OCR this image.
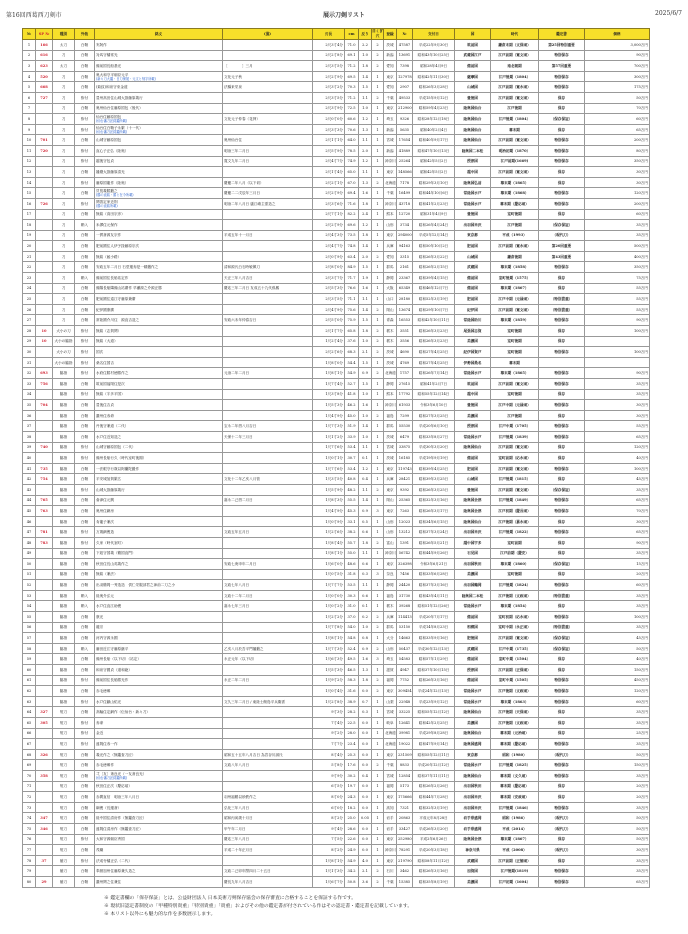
第16回西葛西刀剣市	展示刀剣リスト	2025/6/7
№	SP №	種別	外装	銘文	(裏)	刃長	cm	反り	目くぎ穴	登録	№	交付日	国	時代	鑑定書	価格
1	166	太刀	白鞘	実阿作		2尺3寸4分	71.0	2.2	2	茨城	47587	平成22年9月30日	筑前国	鎌倉末期（文保頃）	第25回特別重要	3,000万円
2	616	刀	白鞘	対馬守橘常光		2尺2寸8分	69.1	1.0	2	新潟	13691	昭和43年10月25日	武蔵国江戸	江戸前期（寛文頃）	特別保存	90万円
3	623	太刀	白鞘	備前国長船基光	［　　　　］三月	2尺3寸5分	71.2	1.8	2	愛知	7398	昭和28年4月9日	備前国	南北朝期	第57回重要	700万円
4	520	刀	白鞘	奥大和守平朝臣元平
(新々刀大鑑・日刀保展・元文と刻字所載)	文化元子秋	2尺2寸9分	69.5	1.4	1	東京	127978	昭和42年11月30日	薩摩国	江戸後期（1804）	特別保存	300万円
5	668	刀	白鞘	(菊紋)和泉守来金道	法橋来栄泉	2尺3寸2分	70.3	1.5	1	愛知	2907	昭和26年3月28日	山城国	江戸前期（寛永頃）	特別保存	175万円
6	727	刀	拵付	豊州高田住山城大掾藤原義行		2尺3寸5分	71.2	1.1	2	千葉	49533	平成15年9月12日	豊後国	江戸前期（寛文頃）	保存	50万円
7		刀	白鞘	奥州仙台住藤原国包（後代）		2尺3寸9分	72.5	1.0	1	東京	212900	昭和59年4月23日	陸奥国仙台	江戸後期	保存	70万円
8		刀	拵付	仙台住藤原国包
(仙台藩刀匠銘鑑所載)	文化元子仲春（花押）	2尺0寸0分	60.6	1.2	1	埼玉	9326	昭和28年12月18日	陸奥国仙台	江戸後期（1804）	（保存保証）	60万円
9		刀	拵付	仙台住白鞘子永繁（十一代）
(仙台藩刀匠銘鑑所載)		2尺3寸3分	70.6	1.3	1	新潟	5635	昭和40年2月4日	陸奥国仙台	幕末期	保存	65万円
10	701	刀	白鞘	山城守藤原国包	奥州仙台住	2尺1寸1分	64.0	1.1	1	宮城	17654	昭和40年9月17日	陸奥国仙台	江戸前期（寛文頃）	特別保存	200万円
11	720	刀	拵付	直心子正弘（陸奥）	明治三年二月日	2尺5寸9分	78.5	2.0	1	新潟	41889	昭和47年10月13日	陸奥国二本松	明治初期（1870）	特別保存	80万円
12		刀	拵付	越後守包貞	寛文九年二月日	2尺4寸7分	74.9	1.2	1	神奈川	25264	昭和42年5月2日	摂津国	江戸前期(1669)	特別保存	350万円
13		刀	白鞘	播磨大掾藤原清光		2尺1寸4分	65.0	1.1	1	東京	148566	昭和42年5月2日	越中国	江戸前期（寛文頃）	保存	30万円
14		刀	拵付	藤原国龍作（陸奥）	慶應二年八月（以下切）	2尺2寸1分	67.0	1.3	2	北海道	7178	昭和29年3月10日	陸奥国弘前	幕末期（1865）	保存	30万円
15		刀	白鞘	貝笈義勝鍛之
(勝の直銘・勝と在今所載)	慶應二二戊辰年三月日	2尺2寸9分	69.4	1.6	1	千葉	16499	昭和44年10月6日	常陸国水戸	幕末期（1868）	特別保存	120万円
16	726	刀	拵付	関善定家近則
(勝の直銘所載)	明治二年八月日 盧江嶋主需造之	2尺3寸6分	71.6	1.8	1	神奈川	43718	昭和41年2月23日	常陸国水戸	幕末期（慶応頃）	特別保存	200万円
17		刀	白鞘	無銘（高田宗彦）		2尺7寸1分	82.2	2.4	1	熊本	12720	昭和31年4月9日	豊後国	室町後期	保存	60万円
18		刀	鞘入	米澤住元保作		2尺2寸9分	69.6	1.2	1	山形	3734	昭和26年4月24日	出羽国米沢	江戸後期	（保存保証）	35万円
19		刀	白鞘	一貫斎源友宗作	平成五年十一月日	2尺4寸3分	73.5	1.8	1	東京	294000	平成5年12月14日	東京都	平成（1993）	（現代刀）	35万円
20		刀	白鞘	肥前國住人伊予掾藤原宗次		2尺4寸7分	74.8	1.4	1	兵庫	94163	昭和50年10月2日	肥前国	江戸前期（寛永頃）	第20回重要	500万円
21		刀	白鞘	無銘（綾小路）		2尺0寸9分	63.4	2.0	2	愛知	3315	昭和26年3月22日	山城国	鎌倉後期	第43回重要	400万円
22		刀	白鞘	安政五年二月日 石堂運寿是一精鍛作之	清和源氏白石時敏佩刀	2尺8寸0分	84.9	1.5	1	群馬	2161	昭和26年2月15日	武蔵国	幕末期（1858）	特別保存	350万円
23		刀	鞘入	備前国住長船祐定作	天正三年八月吉日	2尺3寸7分	71.7	1.9	1	静岡	23367	昭和39年4月15日	備前国	室町後期（1575）	保存	75万円
24		刀	白鞘	備陽長船隣備山祐廣作 早瀬源之介源正勝	慶応三年二月日 友成五十九代孫鳳	2尺5寸3分	76.6	1.6	1	大阪	65349	昭和46年12月7日	備前国	幕末期（1867）	保存	55万円
25		刀	白鞘	肥前國住遠江守藤原兼廣		2尺3寸5分	71.1	1.1	1	山口	28180	昭和52年3月19日	肥前国	江戸中期（元禄頃）	（特別貴重）	55万円
26		刀	白鞘	紀伊國康廣		2尺4寸9分	75.6	1.4	2	岡山	13674	昭和29年10月7日	紀伊国	江戸前期（寛文頃）	（特別貴重）	55万円
27		刀	白鞘	常陸國介川住　源直吉造之	安政六未年仲春吉日	2尺5寸0分	75.9	1.5	1	青森	16553	昭和42年10月11日	常陸国助川	幕末期（1859）	特別保存	90万円
28	10	大小の刀	拵付	無銘（志賀関）		2尺1寸7分	65.8	1.8	2	栃木	3551	昭和26年3月23日	尾張国志賀	室町後期	保存	100万円
29	10	大小の脇指	拵付	無銘（大道）		1尺2寸4分	37.6	1.0	2	栃木	3556	昭和26年3月23日	美濃国	室町後期	保存	
30		大小の刀	拵付	国次		2尺2寸6分	68.3	2.1	2	茨城	4690	昭和27年4月25日	紀伊国賀戸	室町後期	特別保存	100万円
31		大小の脇指	拵付	桑名住国吉		1尺8寸0分	54.4	1.5	1	茨城	4769	昭和27年4月25日	伊勢国桑名	幕末期		
32	693	脇指	拵付	水府住勝村徳勝作之	元治二年二月日	1尺8寸1分	54.9	0.9	2	北海道	1757	昭和26年7月14日	常陸国水戸	幕末期（1865）	特別保存	90万円
33	756	脇指	白鞘	筑前国福岡住是次		1尺7寸4分	52.7	1.5	1	静岡	27615	昭和41年2月7日	筑前国	江戸前期（寛文頃）	特別保存	35万円
34		脇指	拵付	無銘（宇多平国）		1尺3寸8分	41.8	1.0	1	熊本	17792	昭和55年12月14日	越中国	室町後期	保存	35万円
35	704	脇指	白鞘	豊後住吉貞		1尺5寸3分	46.2	1.6	1	神奈川	61933	令和3年6月10日	豊後国	江戸中期（元禄頃）	特別保存	30万円
36		脇指	白鞘	濃州住寿命		1尺4寸9分	45.0	1.0	2	福島	7299	昭和27年3月25日	美濃国	江戸後期	保存	30万円
37		脇指	白鞘	丹後守兼道（二代）	宝永二年酉八月吉日	1尺7寸3分	51.9	1.4	1	群馬	55530	平成20年6月10日	摂津国	江戸中期（1705）	特別保存	55万円
38		脇指	白鞘	水戸住近知造之	天保十二年三月日	1尺1寸2分	33.9	1.0	1	茨城	6479	昭和33年8月27日	常陸国水戸	江戸後期（1839）	特別保存	65万円
39	740	脇指	拵付	山城守藤原国包（二代）		1尺7寸6分	53.4	1.1	1	宮城	33875	平成30年3月20日	陸奥国仙台	江戸前期（寛文頃）	保存	120万円
40		脇指	拵付	備州長船行久（時代室町後期）		1尺0寸1分	30.7	0.1	1	茨城	16185	平成19年9月19日	備前国	室町前期（応永頃）	保存	40万円
41	735	脇指	白鞘	一法眼守行歳以阿蘭陀鍛作		1尺7寸6分	53.4	1.2	1	東京	119743	昭和39年4月25日	肥前国	江戸前期（寛文頃）	特別保存	100万円
42	754	脇指	白鞘	平安城加賀繁広	文化十二年乙亥八月管	1尺3寸5分	40.8	0.4	1	兵庫	28421	昭和39年3月25日	山城国	江戸後期（1815）	保存	45万円
43		脇指	拵付	山城大掾藤原義行		1尺5寸9分	48.2	1.1	2	東京	9392	昭和26年3月25日	豊後国	江戸前期（寛文頃）	（保存保証）	35万円
44	765	脇指	白鞘	會津住元興	嘉永二己酉二月日	1尺8寸3分	55.5	1.4	1	岡山	25365	昭和32年3月16日	陸奥国会津	江戸後期（1849）	特別保存	65万円
45	763	脇指	白鞘	奥州住網房		1尺4寸9分	45.3	0.9	3	東京	7263	昭和26年3月17日	陸奥国会津	江戸初期（慶長頃）	特別保存	70万円
46		脇指	白鞘	肯龍子兼次		1尺0寸9分	33.1	0.5	1	山形	12023	昭和34年6月15日	陸奥国仙台	江戸後期（嘉永頃）	保存	30万円
47	781	脇指	拵付	万歳網俊造	文政五年五月日	1尺2寸6分	38.2	0.6	1	山形	13212	昭和37年3月24日	出羽国米沢	江戸後期（1822）	特別保存	65万円
48	783	脇指	拵付	久家（時代室町）		1尺8寸4分	55.7	1.8	2	富山	1391	昭和26年5月21日	越中国宇多	室町前期	保存	90万円
49		脇指	白鞘	下総守国義（鶴国直門）		1尺8寸1分	55.0	1.1	1	神奈川	56742	昭和44年9月26日	石見国	江戸前期（慶安）	保存	35万円
50		脇指	白鞘	秋田住長山英義作之	安政七庚申年二月日	1尺6寸0分	48.6	0.6	1	東京	326398	令和3年6月21日	出羽国秋田	幕末期（1860）	（保存保証）	15万円
51		脇指	白鞘	無銘（兼法）		1尺0寸5分	31.8	0.3	3	奈良	7456	昭和33年6月28日	美濃国	室町後期	保存	20万円
52		脇指	白鞘	出羽鶴岡一秀造造　供仁栄服部君之神前二刀之小	文政七年八月日	1尺7寸7分	53.5	1.1	1	静岡	24420	昭和37年3月16日	出羽国鶴岡	江戸後期（1824）	特別保存	60万円
53		脇指	鞘入	陸奥介弘元	文政十二年二月日	1尺0寸0分	30.3	0.6	1	福島	31730	昭和43年4月11日	陸奥国二本松	江戸後期（文政頃）	（特別貴重）	35万円
54		脇指	鞘入	水戸住直江助俊	嘉永七年三月日	1尺0寸2分	31.0	0.1	1	栃木	39268	昭和51年12月26日	常陸国水戸	幕末期（1854）	保存	35万円
55		脇指	白鞘	康光		1尺2寸2分	37.0	0.2	2	兵庫	114413	平成20年7月17日	備前国	室町初期（応永頃）	特別保存	100万円
56		脇指	白鞘	龍宗		1尺7寸8分	54.0	1.0	2	群馬	53150	平成14年8月23日	相模国	室町中期（永正頃）	（特別貴重）	35万円
57		脇指	白鞘	河内守源永國		1尺8寸1分	54.8	0.8	1	大分	14663	昭和33年9月16日	肥後国	江戸前期（寛文頃）	（保存保証）	45万円
58		脇指	鞘入	藤田近江守藤原継平	乙亥八月於吾平門播鍛之	1尺7寸3分	52.4	0.9	2	山形	50437	平成30年12月13日	武蔵国	江戸中期（1735）	（保存保証）	50万円
59		脇指	白鞘	備州長船（以下切）（祐定）	永正元年（以下切）	1尺6寸3分	49.5	1.6	3	埼玉	54583	昭和57年1月29日	備前国	室町中期（1504）	保存	40万円
60		脇指	白鞘	和泉守國貞（道和絶）		1尺5寸3分	46.5	1.3	1	滋賀	4947	昭和37年10月15日	摂津国	江戸前期（正保頃）	保存	150万円
61		脇指	拵付	備前国住長船勝光作	永正二年二月日	1尺9寸2分	58.3	1.8	2	福岡	7752	昭和26年3月16日	備前国	室町中期（1505）	特別保存	450万円
62		脇指	白鞘	赤毛徳郷		1尺0寸4分	31.6	0.0	2	東京	309454	平成24年12月13日	常陸国水戸	江戸後期（文政頃）	特別保存	120万円
63		脇指	拵付	水戸住鐵山佑光	文久三年二月日 / 東陸士飯島平兵衛需	1尺2寸8分	38.9	0.7	1	山梨	22948	平成23年9月12日	常陸国水戸	幕末期（1863）	特別保存	60万円
64	327	短刀	白鞘	高輪住定網作（伝仙台・新々刀）		9寸3分	28.2	0.3	1	宮城	33225	昭和55年12月12日	陸奥国仙台	江戸後期（天保頃）	保存	35万円
65	305	短刀	拵付	寿命		7寸4分	22.5	0.0	1	岐阜	12641	昭和42年2月25日	美濃国	江戸後期（文政頃）	保存	35万円
66		短刀	拵付	金近		9寸2分	28.0	0.0	1	北海道	39981	平成29年8月28日	陸奥国仙台	幕末期（元治頃）	保存	25万円
67		短刀	拵付	盛岡住寿一作		7寸7分	23.4	0.0	1	北海道	19022	昭和47年9月14日	陸奥国盛岡	幕末期（慶応頃）	特別保存	35万円
68	326	短刀	白鞘	義光作之（無鑑査刀匠）	昭和五十五年八月吉日 為宮谷川誠氏	8寸4分	25.3	0.0	1	東京	231509	昭和55年12月11日	東京都	昭和（1980）	（現代刀）	50万円
69		短刀	白鞘	赤毛徳郷作	文政八年八月日	5寸8分	17.6	0.0	2	千葉	8833	平成20年12月12日	常陸国水戸	江戸後期（1825）	特別保存	150万円
70	358	短刀	白鞘	弌［友］斎良光（一友斎良光）
(仙台藩刀匠銘鑑所載)		9寸9分	30.2	0.4	1	宮城	12854	昭和37年11月11日	陸奥国仙台	幕末期（文久頃）	特別保存	35万円
71		短刀	白鞘	秋田住正次（慶応頃）		6寸5分	19.7	0.0	1	福岡	5173	昭和26年2月26日	出羽国秋田	幕末期（慶応頃）	保存	20万円
72		短刀	白鞘	赤間直信　明治三年八月日	羽州福鶴以砂鉄作之	8寸0分	24.3	0.0	1	東京	175666	昭和44年7月28日	出羽国米沢	幕末期（安政頃）	保存	20万円
73		短刀	白鞘	綱俊（長運斎）	弘化三年八月日	6寸0分	18.2	0.0	1	高知	7321	昭和32年3月19日	出羽国米沢	江戸後期（1846）	特別保存	35万円
74	347	短刀	白鞘	陸中国住清房作（無鑑査刀匠）	昭和丙寅歳十月日	8寸2分	25.0	0.05	1	岩手	20863	平成元年8月28日	岩手県盛岡	昭和（1986）	（現代刀）	50万円
75	346	短刀	白鞘	盛岡住清房作（無鑑査刀匠）	甲午年二月日	9寸4分	28.6	0.0	1	岩手	33427	平成26年3月20日	岩手県盛岡	平成（2014）	（現代刀）	50万円
76		短刀	拵付	大和守源朝臣秀国	慶応三年八月日	7寸5分	22.6	0.0	1	東京	252980	平成2年6月26日	陸奥国会津	幕末期（1867）	保存	50万円
77		短刀	白鞘	茂職	平成二十年正月日	8寸2分	24.9	0.0	1	神奈川	78291	平成20年3月18日	神奈川県	平成（2008）	（現代刀）	30万円
78	37	槍刀	拵付	法成寺橘正弘（二代）		1尺8寸1分	54.9	4.0	1	東京	219790	昭和58年11月12日	武蔵国	江戸前期（正徳頃）	保存	35万円
79		槍刀	白鞘	奉納加州住藤原兼久造之	文政二己卯年閏四月二十五日	1尺1寸3分	34.2	2.1	2	石川	3462	昭和26年3月16日	加賀国	江戸後期(1819)	特別保存	35万円
80	29	槍刀	白鞘	濃州関之住兼住	慶長九年八月吉日	1尺6寸7分	50.8	3.6	2	千葉	15385	昭和35年8月19日	美濃国	江戸初期（1604）	特別保存	65万円
※ 鑑定書欄の「保存保証」とは、公益財団法人 日本美術刀剣保存協会の保存審査に合格することを保証する作です。
※ 現状旧認定書制度の「甲種特別貴重」「特別貴重」「貴重」およびその他の鑑定書が付されている作はその認定書・鑑定書を記載しています。
※ 本リスト以外にも魅力的な作を多数展示します。
